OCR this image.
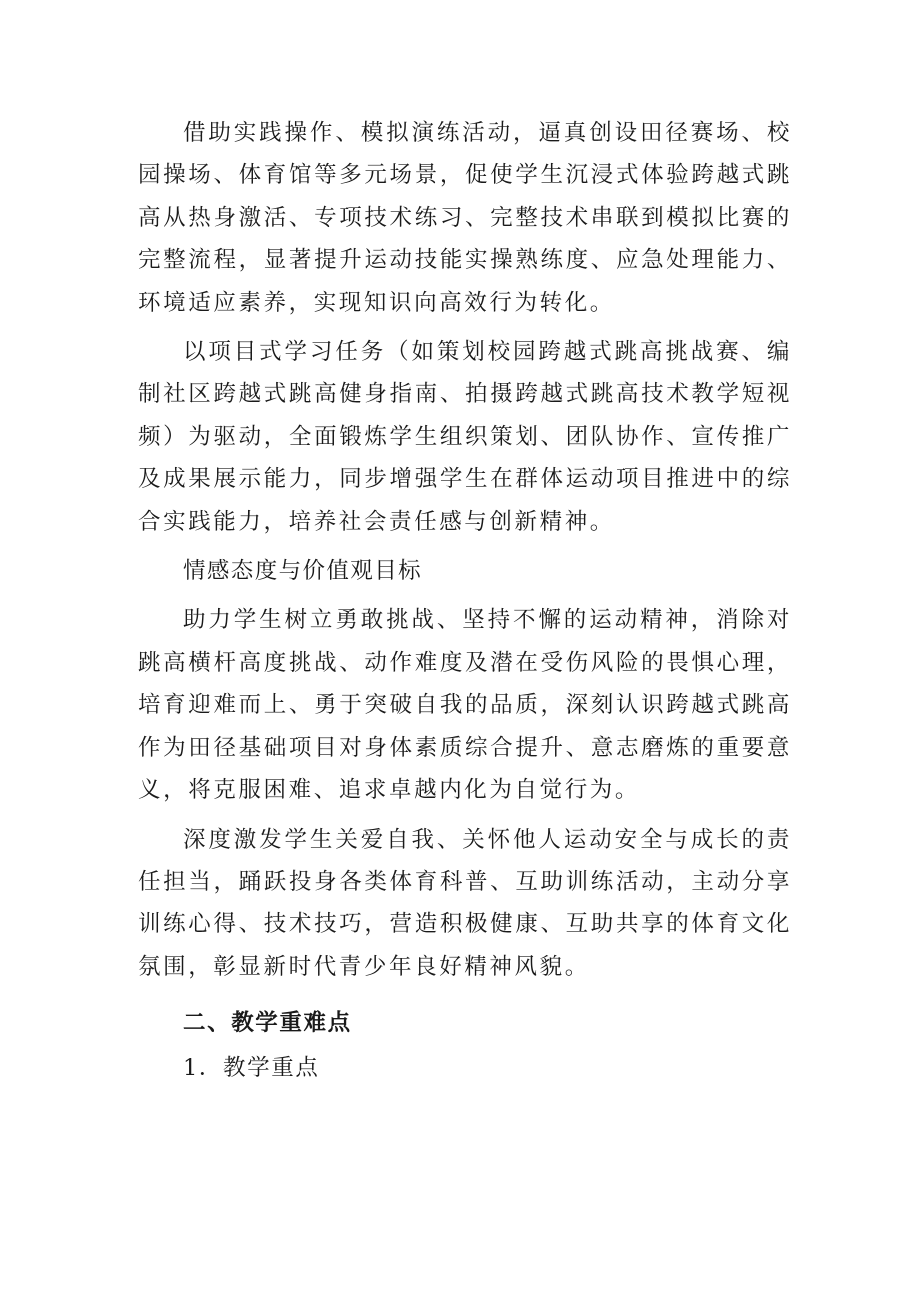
借助实践操作、模拟演练活动，逼真创设田径赛场、校园操场、体育馆等多元场景，促使学生沉浸式体验跨越式跳高从热身激活、专项技术练习、完整技术串联到模拟比赛的完整流程，显著提升运动技能实操熟练度、应急处理能力、环境适应素养，实现知识向高效行为转化。

以项目式学习任务（如策划校园跨越式跳高挑战赛、编制社区跨越式跳高健身指南、拍摄跨越式跳高技术教学短视频）为驱动，全面锻炼学生组织策划、团队协作、宣传推广及成果展示能力，同步增强学生在群体运动项目推进中的综合实践能力，培养社会责任感与创新精神。

情感态度与价值观目标

助力学生树立勇敢挑战、坚持不懈的运动精神，消除对跳高横杆高度挑战、动作难度及潜在受伤风险的畏惧心理，培育迎难而上、勇于突破自我的品质，深刻认识跨越式跳高作为田径基础项目对身体素质综合提升、意志磨炼的重要意义，将克服困难、追求卓越内化为自觉行为。

深度激发学生关爱自我、关怀他人运动安全与成长的责任担当，踊跃投身各类体育科普、互助训练活动，主动分享训练心得、技术技巧，营造积极健康、互助共享的体育文化氛围，彰显新时代青少年良好精神风貌。

二、教学重难点

1．教学重点
